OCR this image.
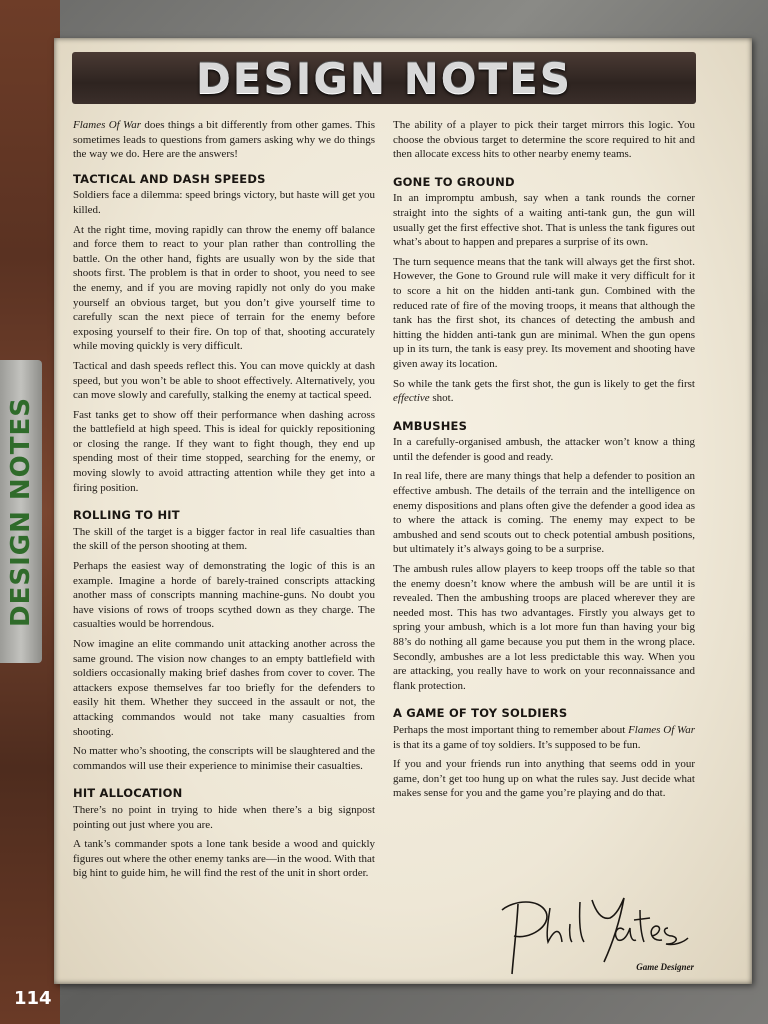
DESIGN NOTES

Flames Of War does things a bit differently from other games. This sometimes leads to questions from gamers asking why we do things the way we do. Here are the answers!

TACTICAL AND DASH SPEEDS

Soldiers face a dilemma: speed brings victory, but haste will get you killed.

At the right time, moving rapidly can throw the enemy off balance and force them to react to your plan rather than controlling the battle. On the other hand, fights are usually won by the side that shoots first. The problem is that in order to shoot, you need to see the enemy, and if you are moving rapidly not only do you make yourself an obvious target, but you don’t give yourself time to carefully scan the next piece of terrain for the enemy before exposing yourself to their fire. On top of that, shooting accurately while moving quickly is very difficult.

Tactical and dash speeds reflect this. You can move quickly at dash speed, but you won’t be able to shoot effectively. Alternatively, you can move slowly and carefully, stalking the enemy at tactical speed.

Fast tanks get to show off their performance when dashing across the battlefield at high speed. This is ideal for quickly repositioning or closing the range. If they want to fight though, they end up spending most of their time stopped, searching for the enemy, or moving slowly to avoid attracting attention while they get into a firing position.

ROLLING TO HIT

The skill of the target is a bigger factor in real life casualties than the skill of the person shooting at them.

Perhaps the easiest way of demonstrating the logic of this is an example. Imagine a horde of barely-trained conscripts attacking another mass of conscripts manning machine-guns. No doubt you have visions of rows of troops scythed down as they charge. The casualties would be horrendous.

Now imagine an elite commando unit attacking another across the same ground. The vision now changes to an empty battlefield with soldiers occasionally making brief dashes from cover to cover. The attackers expose themselves far too briefly for the defenders to easily hit them. Whether they succeed in the assault or not, the attacking commandos would not take many casualties from shooting.

No matter who’s shooting, the conscripts will be slaughtered and the commandos will use their experience to minimise their casualties.

HIT ALLOCATION

There’s no point in trying to hide when there’s a big signpost pointing out just where you are.

A tank’s commander spots a lone tank beside a wood and quickly figures out where the other enemy tanks are—in the wood. With that big hint to guide him, he will find the rest of the unit in short order.

The ability of a player to pick their target mirrors this logic. You choose the obvious target to determine the score required to hit and then allocate excess hits to other nearby enemy teams.

GONE TO GROUND

In an impromptu ambush, say when a tank rounds the corner straight into the sights of a waiting anti-tank gun, the gun will usually get the first effective shot. That is unless the tank figures out what’s about to happen and prepares a surprise of its own.

The turn sequence means that the tank will always get the first shot. However, the Gone to Ground rule will make it very difficult for it to score a hit on the hidden anti-tank gun. Combined with the reduced rate of fire of the moving troops, it means that although the tank has the first shot, its chances of detecting the ambush and hitting the hidden anti-tank gun are minimal. When the gun opens up in its turn, the tank is easy prey. Its movement and shooting have given away its location.

So while the tank gets the first shot, the gun is likely to get the first effective shot.

AMBUSHES

In a carefully-organised ambush, the attacker won’t know a thing until the defender is good and ready.

In real life, there are many things that help a defender to position an effective ambush. The details of the terrain and the intelligence on enemy dispositions and plans often give the defender a good idea as to where the attack is coming. The enemy may expect to be ambushed and send scouts out to check potential ambush positions, but ultimately it’s always going to be a surprise.

The ambush rules allow players to keep troops off the table so that the enemy doesn’t know where the ambush will be are until it is revealed. Then the ambushing troops are placed wherever they are needed most. This has two advantages. Firstly you always get to spring your ambush, which is a lot more fun than having your big 88’s do nothing all game because you put them in the wrong place. Secondly, ambushes are a lot less predictable this way. When you are attacking, you really have to work on your reconnaissance and flank protection.

A GAME OF TOY SOLDIERS

Perhaps the most important thing to remember about Flames Of War is that its a game of toy soldiers. It’s supposed to be fun.

If you and your friends run into anything that seems odd in your game, don’t get too hung up on what the rules say. Just decide what makes sense for you and the game you’re playing and do that.

Game Designer
DESIGN NOTES
114
